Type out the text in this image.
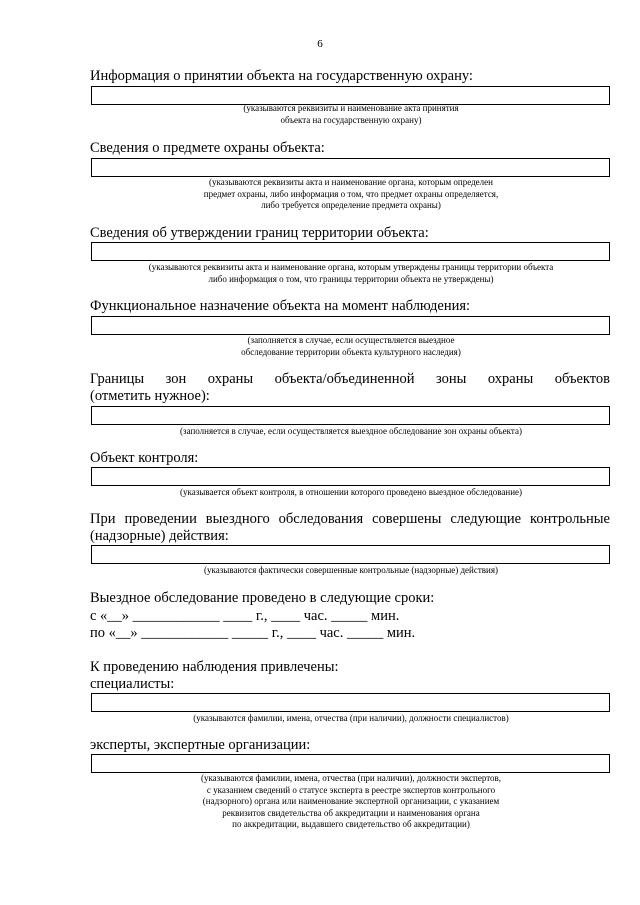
6
Информация о принятии объекта на государственную охрану:
(указываются реквизиты и наименование акта принятия
объекта на государственную охрану)
Сведения о предмете охраны объекта:
(указываются реквизиты акта и наименование органа, которым определен
предмет охраны, либо информация о том, что предмет охраны определяется,
либо требуется определение предмета охраны)
Сведения об утверждении границ территории объекта:
(указываются реквизиты акта и наименование органа, которым утверждены границы территории объекта
либо информация о том, что границы территории объекта не утверждены)
Функциональное назначение объекта на момент наблюдения:
(заполняется в случае, если осуществляется выездное
обследование территории объекта культурного наследия)
Границы зон охраны объекта/объединенной зоны охраны объектов
(отметить нужное):
(заполняется в случае, если осуществляется выездное обследование зон охраны объекта)
Объект контроля:
(указывается объект контроля, в отношении которого проведено выездное обследование)
При проведении выездного обследования совершены следующие контрольные
(надзорные) действия:
(указываются фактически совершенные контрольные (надзорные) действия)
Выездное обследование проведено в следующие сроки:
с «__» ____________ ____ г., ____ час. _____ мин.
по «__» ____________ _____ г., ____ час. _____ мин.
К проведению наблюдения привлечены:
специалисты:
(указываются фамилии, имена, отчества (при наличии), должности специалистов)
эксперты, экспертные организации:
(указываются фамилии, имена, отчества (при наличии), должности экспертов,
с указанием сведений о статусе эксперта в реестре экспертов контрольного
(надзорного) органа или наименование экспертной организации, с указанием
реквизитов свидетельства об аккредитации и наименования органа
по аккредитации, выдавшего свидетельство об аккредитации)
